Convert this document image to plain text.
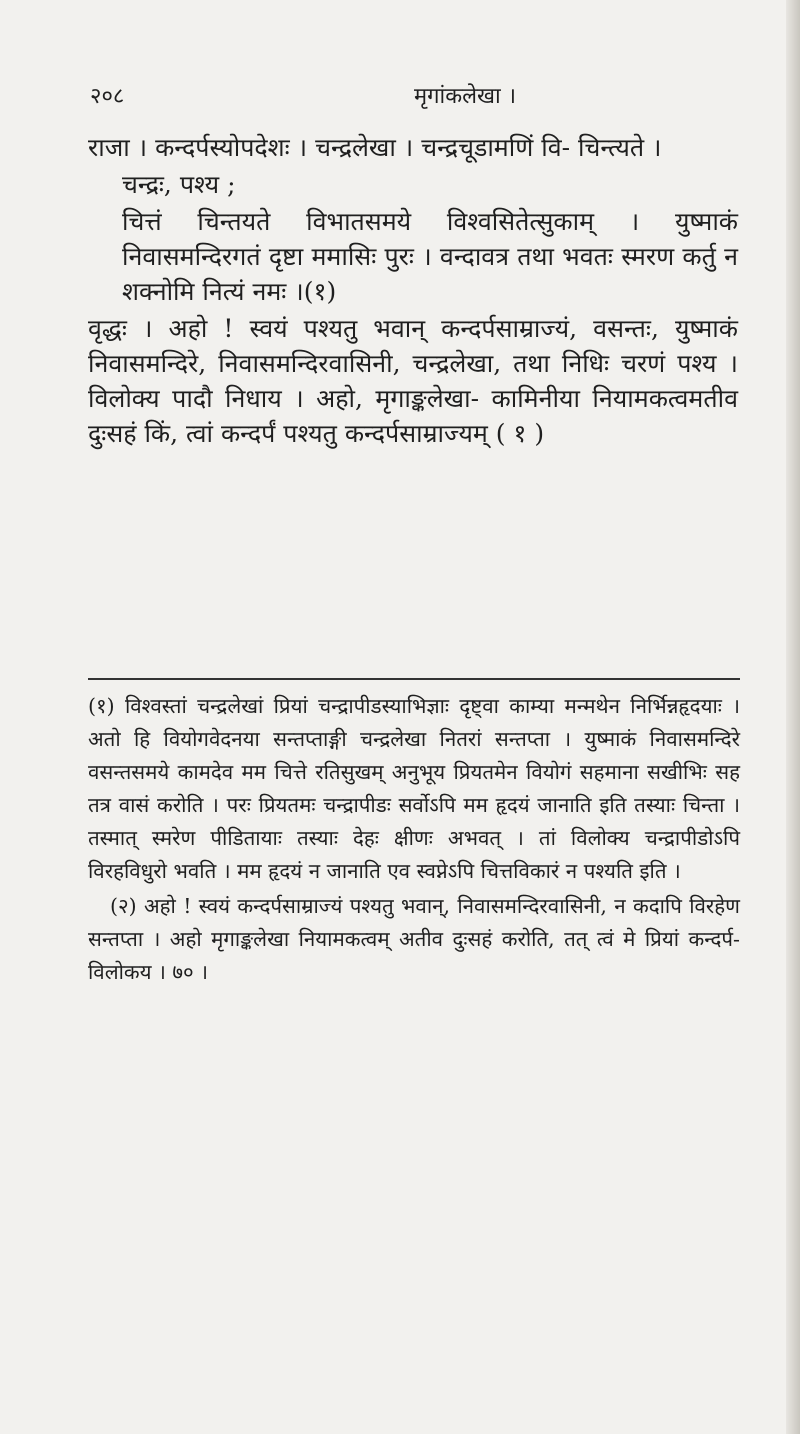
२०८	मृगांकलेखा ।

राजा । कन्दर्पस्योपदेशः । चन्द्रलेखा । चन्द्रचूडामणिं वि- चिन्त्यते ।

चन्द्रः, पश्य ;

चित्तं चिन्तयते विभातसमये विश्वसितेत्सुकाम् । युष्माकं निवासमन्दिरगतं दृष्टा ममासिः पुरः । वन्दावत्र तथा भवतः स्मरण कर्तु न शक्नोमि नित्यं नमः ।(१)

वृद्धः । अहो ! स्वयं पश्यतु भवान् कन्दर्पसाम्राज्यं, वसन्तः, युष्माकं निवासमन्दिरे, निवासमन्दिरवासिनी, चन्द्रलेखा, तथा निधिः चरणं पश्य । विलोक्य पादौ निधाय । अहो, मृगाङ्कलेखा- कामिनीया नियामकत्वमतीव दुःसहं किं, त्वां कन्दर्पं पश्यतु कन्दर्पसाम्राज्यम् ( १ )

(१) विश्वस्तां चन्द्रलेखां प्रियां चन्द्रापीडस्याभिज्ञाः दृष्ट्वा काम्या मन्मथेन निर्भिन्नहृदयाः । अतो हि वियोगवेदनया सन्तप्ताङ्गी चन्द्रलेखा नितरां सन्तप्ता । युष्माकं निवासमन्दिरे वसन्तसमये कामदेव मम चित्ते रतिसुखम् अनुभूय प्रियतमेन वियोगं सहमाना सखीभिः सह तत्र वासं करोति । परः प्रियतमः चन्द्रापीडः सर्वोऽपि मम हृदयं जानाति इति तस्याः चिन्ता । तस्मात् स्मरेण पीडितायाः तस्याः देहः क्षीणः अभवत् । तां विलोक्य चन्द्रापीडोऽपि विरहविधुरो भवति । मम हृदयं न जानाति एव स्वप्नेऽपि चित्तविकारं न पश्यति इति ।

(२) अहो ! स्वयं कन्दर्पसाम्राज्यं पश्यतु भवान्, निवासमन्दिरवासिनी, न कदापि विरहेण सन्तप्ता । अहो मृगाङ्कलेखा नियामकत्वम् अतीव दुःसहं करोति, तत् त्वं मे प्रियां कन्दर्प- विलोकय । ७० ।
